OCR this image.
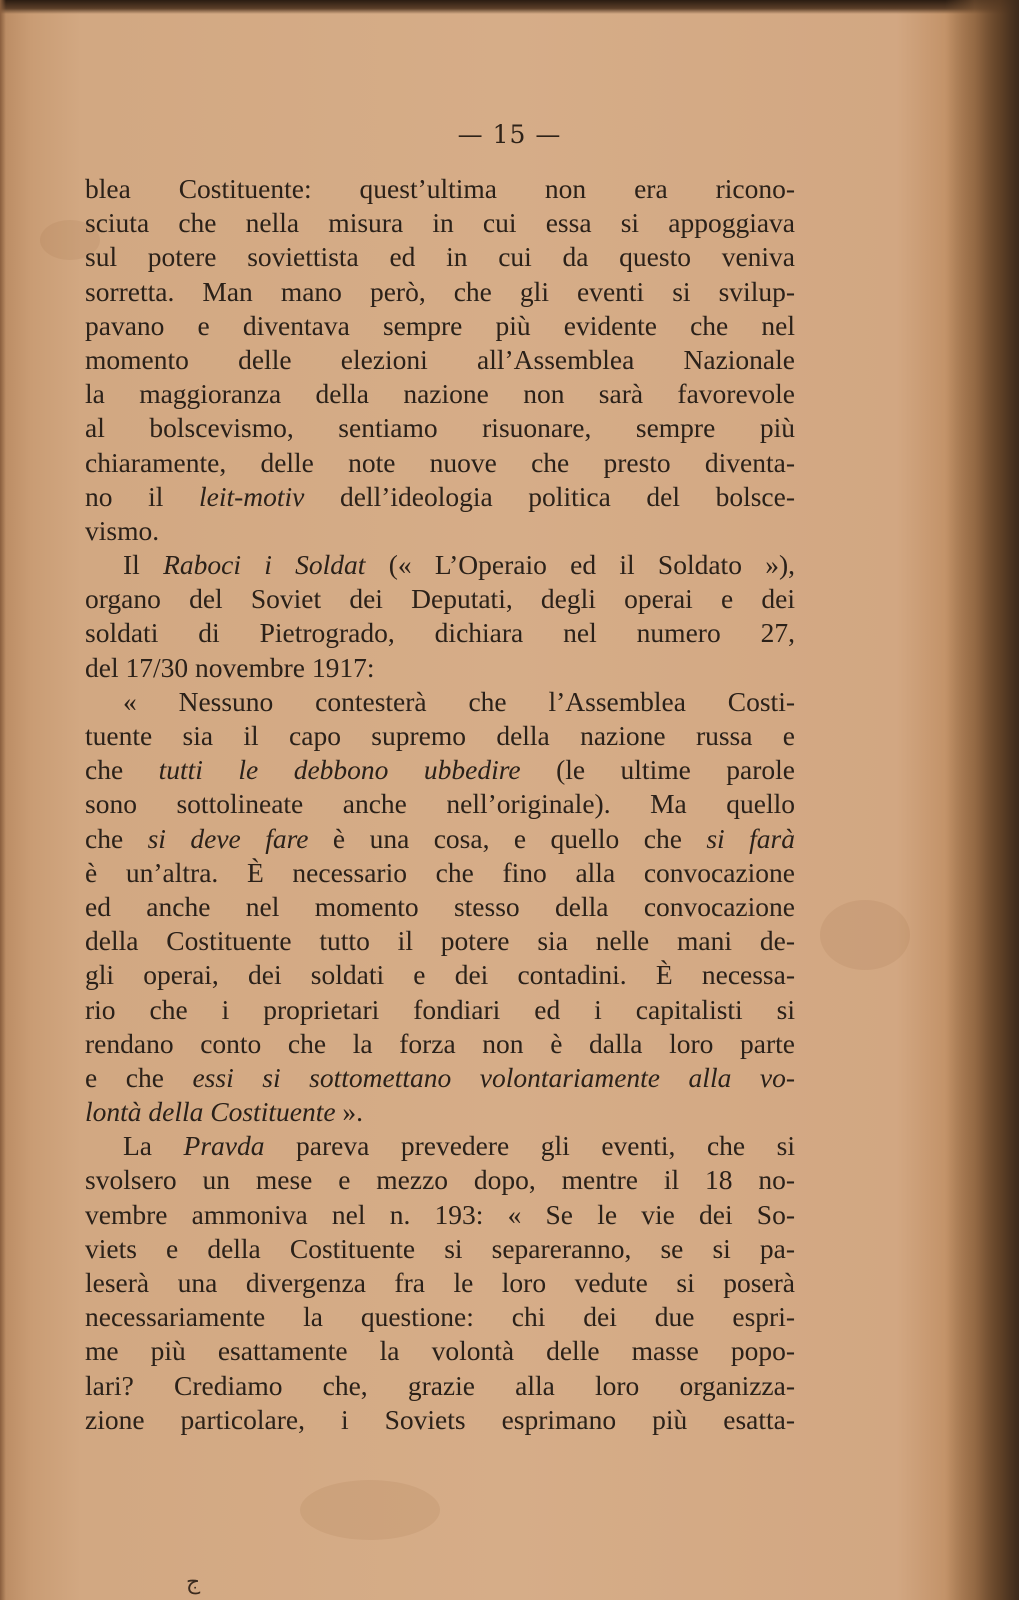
— 15 —
blea Costituente: quest’ultima non era ricono-
sciuta che nella misura in cui essa si appoggiava
sul potere soviettista ed in cui da questo veniva
sorretta. Man mano però, che gli eventi si svilup-
pavano e diventava sempre più evidente che nel
momento delle elezioni all’Assemblea Nazionale
la maggioranza della nazione non sarà favorevole
al bolscevismo, sentiamo risuonare, sempre più
chiaramente, delle note nuove che presto diventa-
no il leit-motiv dell’ideologia politica del bolsce-
vismo.
Il Raboci i Soldat (« L’Operaio ed il Soldato »),
organo del Soviet dei Deputati, degli operai e dei
soldati di Pietrogrado, dichiara nel numero 27,
del 17/30 novembre 1917:
« Nessuno contesterà che l’Assemblea Costi-
tuente sia il capo supremo della nazione russa e
che tutti le debbono ubbedire (le ultime parole
sono sottolineate anche nell’originale). Ma quello
che si deve fare è una cosa, e quello che si farà
è un’altra. È necessario che fino alla convocazione
ed anche nel momento stesso della convocazione
della Costituente tutto il potere sia nelle mani de-
gli operai, dei soldati e dei contadini. È necessa-
rio che i proprietari fondiari ed i capitalisti si
rendano conto che la forza non è dalla loro parte
e che essi si sottomettano volontariamente alla vo-
lontà della Costituente ».
La Pravda pareva prevedere gli eventi, che si
svolsero un mese e mezzo dopo, mentre il 18 no-
vembre ammoniva nel n. 193: « Se le vie dei So-
viets e della Costituente si separeranno, se si pa-
leserà una divergenza fra le loro vedute si poserà
necessariamente la questione: chi dei due espri-
me più esattamente la volontà delle masse popo-
lari? Crediamo che, grazie alla loro organizza-
zione particolare, i Soviets esprimano più esatta-
ج
